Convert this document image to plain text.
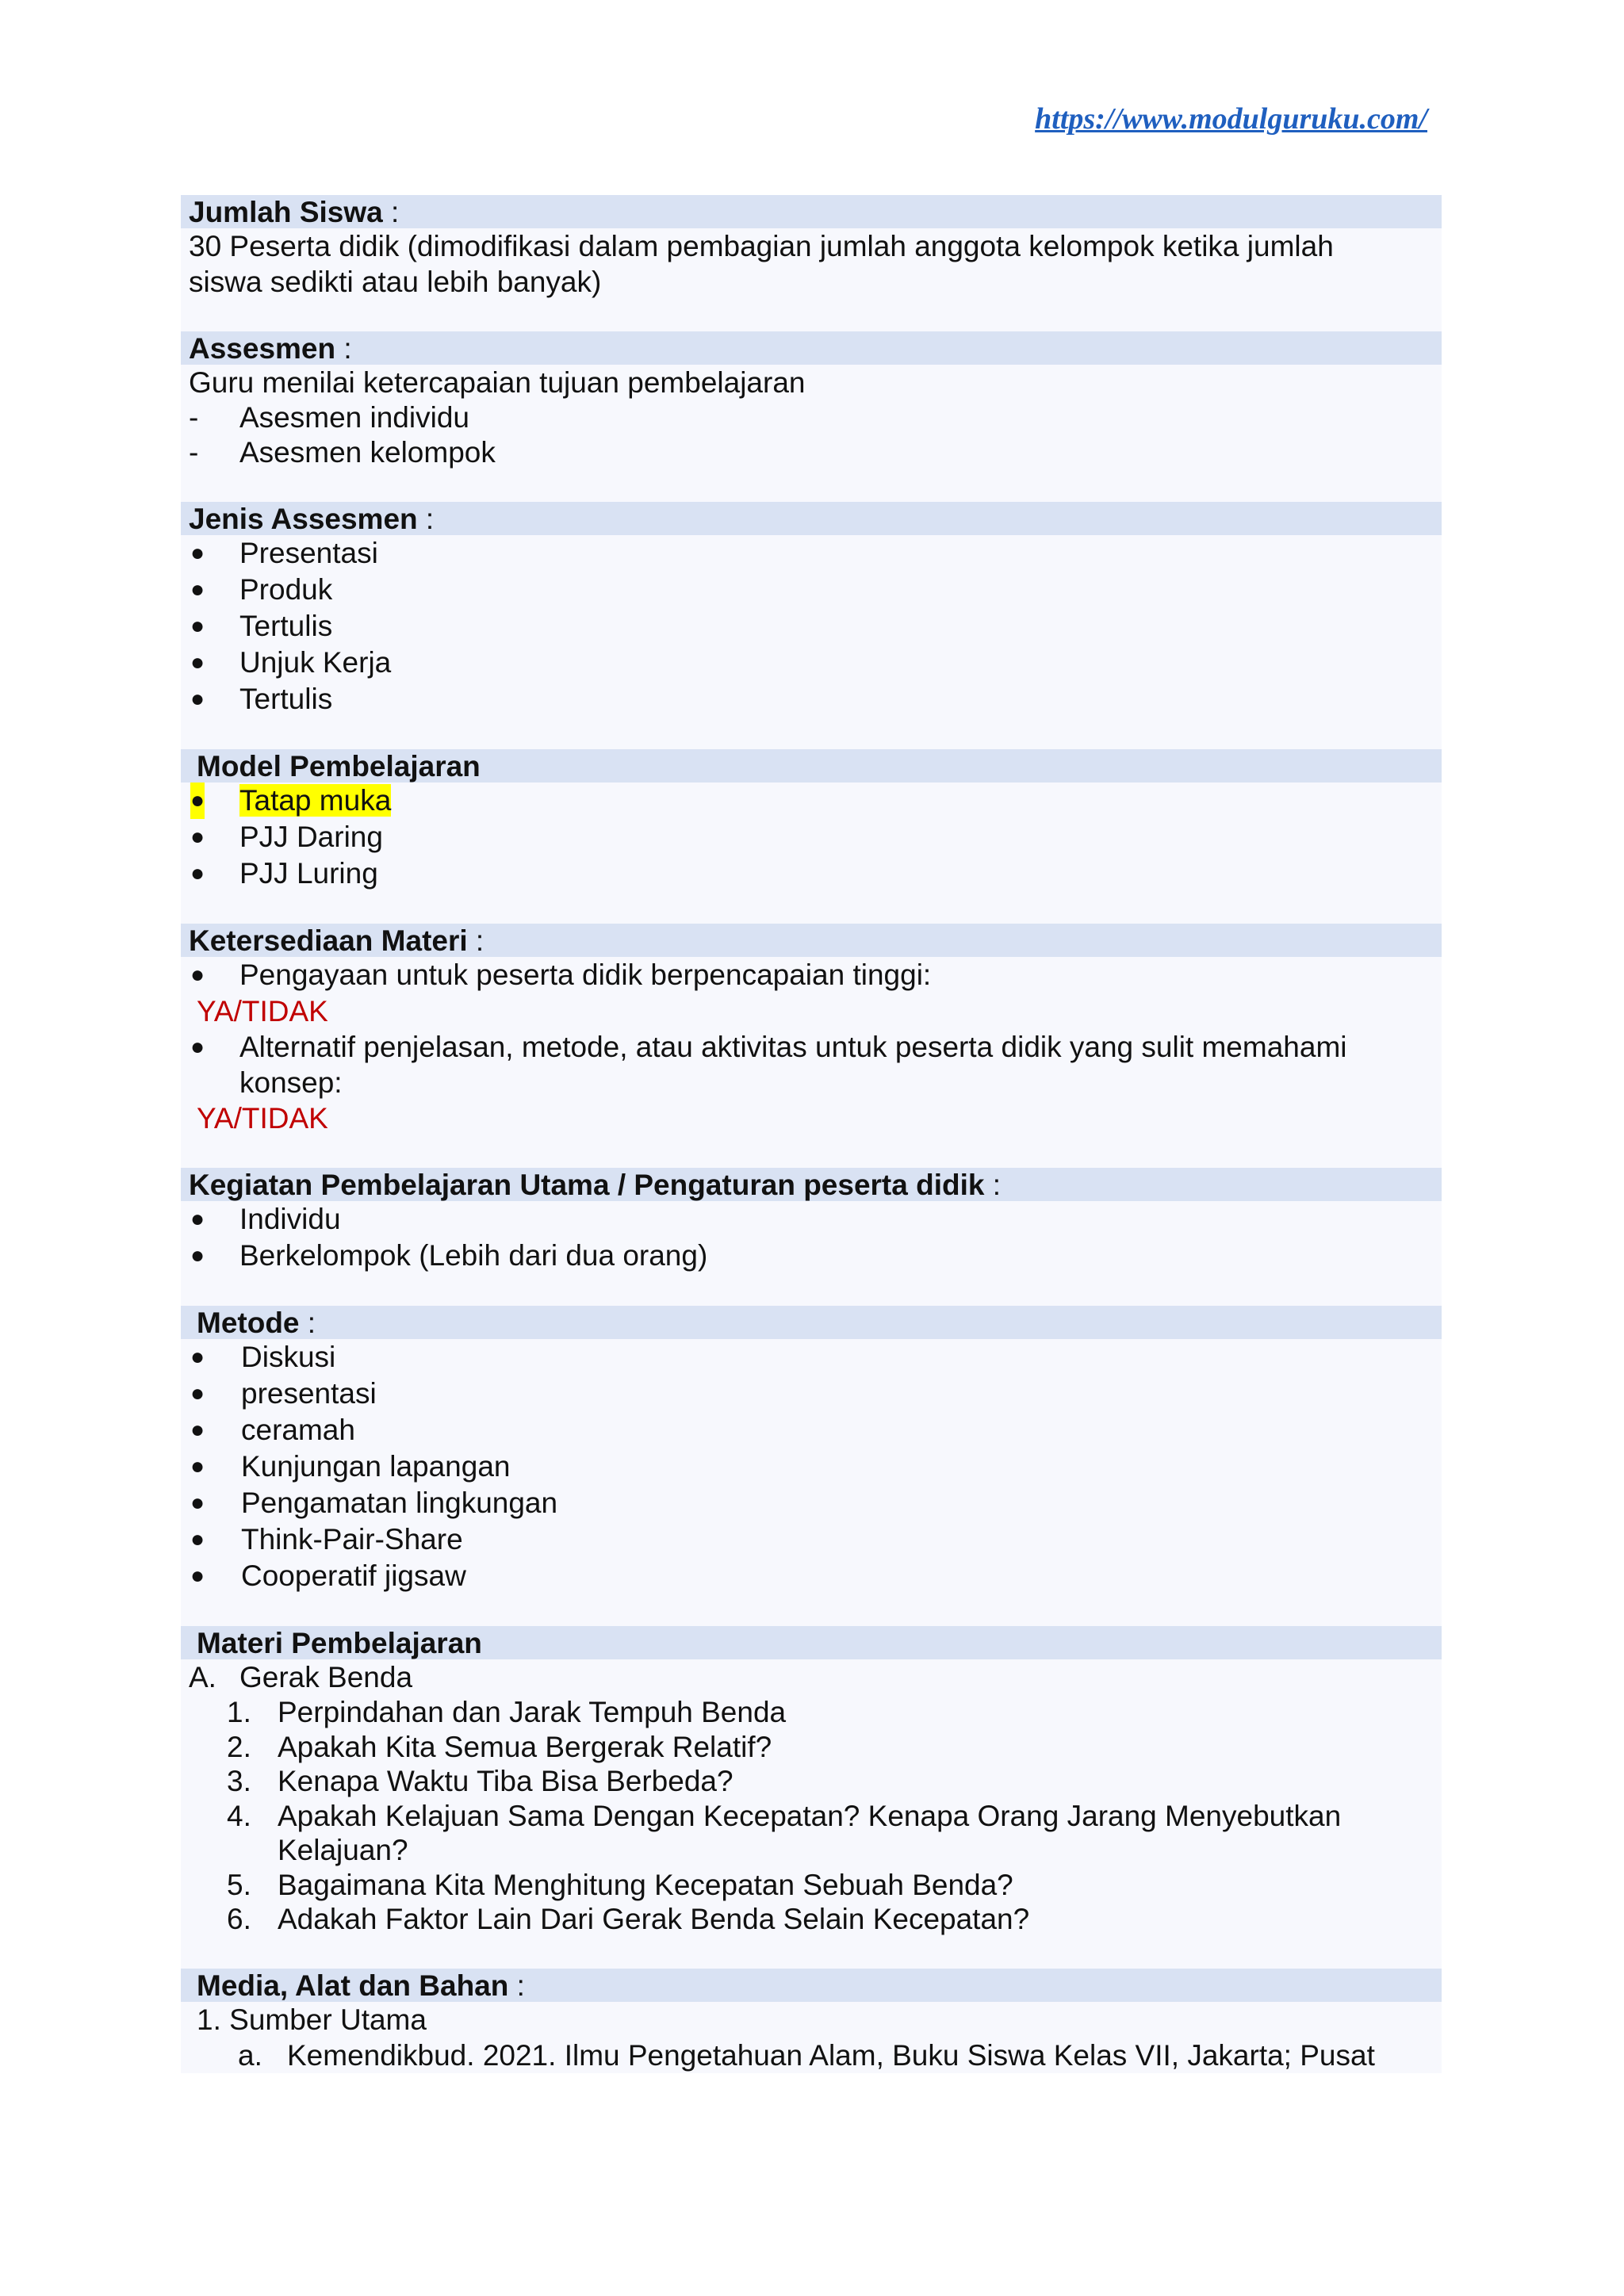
https://www.modulguruku.com/
Jumlah Siswa :
30 Peserta didik (dimodifikasi dalam pembagian jumlah anggota kelompok ketika jumlah
siswa sedikti atau lebih banyak)
Assesmen :
Guru menilai ketercapaian tujuan pembelajaran
- Asesmen individu
- Asesmen kelompok
Jenis Assesmen :
● Presentasi
● Produk
● Tertulis
● Unjuk Kerja
● Tertulis
Model Pembelajaran
● Tatap muka
● PJJ Daring
● PJJ Luring
Ketersediaan Materi :
● Pengayaan untuk peserta didik berpencapaian tinggi:
YA/TIDAK
● Alternatif penjelasan, metode, atau aktivitas untuk peserta didik yang sulit memahami
konsep:
YA/TIDAK
Kegiatan Pembelajaran Utama / Pengaturan peserta didik :
● Individu
● Berkelompok (Lebih dari dua orang)
Metode :
● Diskusi
● presentasi
● ceramah
● Kunjungan lapangan
● Pengamatan lingkungan
● Think-Pair-Share
● Cooperatif jigsaw
Materi Pembelajaran
A. Gerak Benda
1. Perpindahan dan Jarak Tempuh Benda
2. Apakah Kita Semua Bergerak Relatif?
3. Kenapa Waktu Tiba Bisa Berbeda?
4. Apakah Kelajuan Sama Dengan Kecepatan? Kenapa Orang Jarang Menyebutkan
Kelajuan?
5. Bagaimana Kita Menghitung Kecepatan Sebuah Benda?
6. Adakah Faktor Lain Dari Gerak Benda Selain Kecepatan?
Media, Alat dan Bahan :
1. Sumber Utama
a. Kemendikbud. 2021. Ilmu Pengetahuan Alam, Buku Siswa Kelas VII, Jakarta; Pusat
